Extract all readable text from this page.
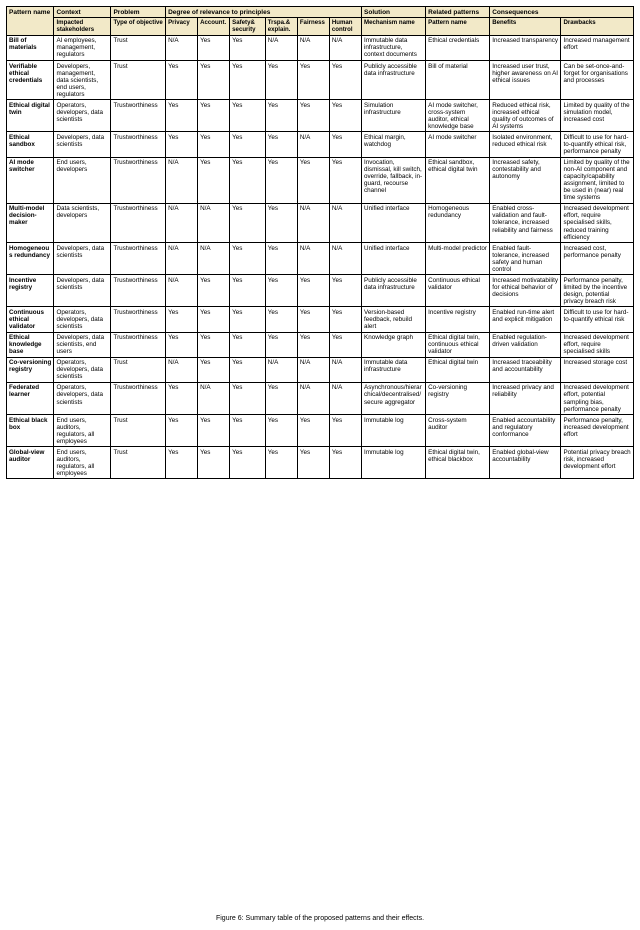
Pattern name	Context	Problem	Degree of relevance to principles						Solution	Related patterns	Consequences	
	Impacted stakeholders	Type of objective	Privacy	Account.	Safety& security	Trspa.& explain.	Fairness	Human control	Mechanism name	Pattern name	Benefits	Drawbacks
Bill of materials	AI employees, management, regulators	Trust	N/A	Yes	Yes	N/A	N/A	N/A	Immutable data infrastructure, context documents	Ethical credentials	Increased transparency	Increased management effort
Verifiable ethical credentials	Developers, management, data scientists, end users, regulators	Trust	Yes	Yes	Yes	Yes	Yes	Yes	Publicly accessible data infrastructure	Bill of material	Increased user trust, higher awareness on AI ethical issues	Can be set-once-and-forget for organisations and processes
Ethical digital twin	Operators, developers, data scientists	Trustworthiness	Yes	Yes	Yes	Yes	Yes	Yes	Simulation infrastructure	AI mode switcher, cross-system auditor, ethical knowledge base	Reduced ethical risk, increased ethical quality of outcomes of AI systems	Limited by quality of the simulation model, increased cost
Ethical sandbox	Developers, data scientists	Trustworthiness	Yes	Yes	Yes	Yes	N/A	Yes	Ethical margin, watchdog	AI mode switcher	Isolated environment, reduced ethical risk	Difficult to use for hard-to-quantify ethical risk, performance penalty
AI mode switcher	End users, developers	Trustworthiness	N/A	Yes	Yes	Yes	Yes	Yes	Invocation, dismissal, kill switch, override, fallback, in-guard, recourse channel	Ethical sandbox, ethical digital twin	Increased safety, contestability and autonomy	Limited by quality of the non-AI component and capacity/capability assignment, limited to be used in (near) real time systems
Multi-model decision-maker	Data scientists, developers	Trustworthiness	N/A	N/A	Yes	Yes	N/A	N/A	Unified interface	Homogeneous redundancy	Enabled cross-validation and fault- tolerance, increased reliability and fairness	Increased development effort, require specialised skills, reduced training efficiency
Homogeneous redundancy	Developers, data scientists	Trustworthiness	N/A	N/A	Yes	Yes	N/A	N/A	Unified interface	Multi-model predictor	Enabled fault-tolerance, increased safety and human control	Increased cost, performance penalty
Incentive registry	Developers, data scientists	Trustworthiness	N/A	Yes	Yes	Yes	Yes	Yes	Publicly accessible data infrastructure	Continuous ethical validator	Increased motivatability for ethical behavior of decisions	Performance penalty, limited by the incentive design, potential privacy breach risk
Continuous ethical validator	Operators, developers, data scientists	Trustworthiness	Yes	Yes	Yes	Yes	Yes	Yes	Version-based feedback, rebuild alert	Incentive registry	Enabled run-time alert and explicit mitigation	Difficult to use for hard-to-quantify ethical risk
Ethical knowledge base	Developers, data scientists, end users	Trustworthiness	Yes	Yes	Yes	Yes	Yes	Yes	Knowledge graph	Ethical digital twin, continuous ethical validator	Enabled regulation-driven validation	Increased development effort, require specialised skills
Co-versioning registry	Operators, developers, data scientists	Trust	N/A	Yes	Yes	N/A	N/A	N/A	Immutable data infrastructure	Ethical digital twin	Increased traceability and accountability	Increased storage cost
Federated learner	Operators, developers, data scientists	Trustworthiness	Yes	N/A	Yes	Yes	N/A	N/A	Asynchronous/hierarchical/decentralised/secure aggregator	Co-versioning registry	Increased privacy and reliability	Increased development effort, potential sampling bias, performance penalty
Ethical black box	End users, auditors, regulators, all employees	Trust	Yes	Yes	Yes	Yes	Yes	Yes	Immutable log	Cross-system auditor	Enabled accountability and regulatory conformance	Performance penalty, increased development effort
Global-view auditor	End users, auditors, regulators, all employees	Trust	Yes	Yes	Yes	Yes	Yes	Yes	Immutable log	Ethical digital twin, ethical blackbox	Enabled global-view accountability	Potential privacy breach risk, increased development effort
Figure 6: Summary table of the proposed patterns and their effects.
